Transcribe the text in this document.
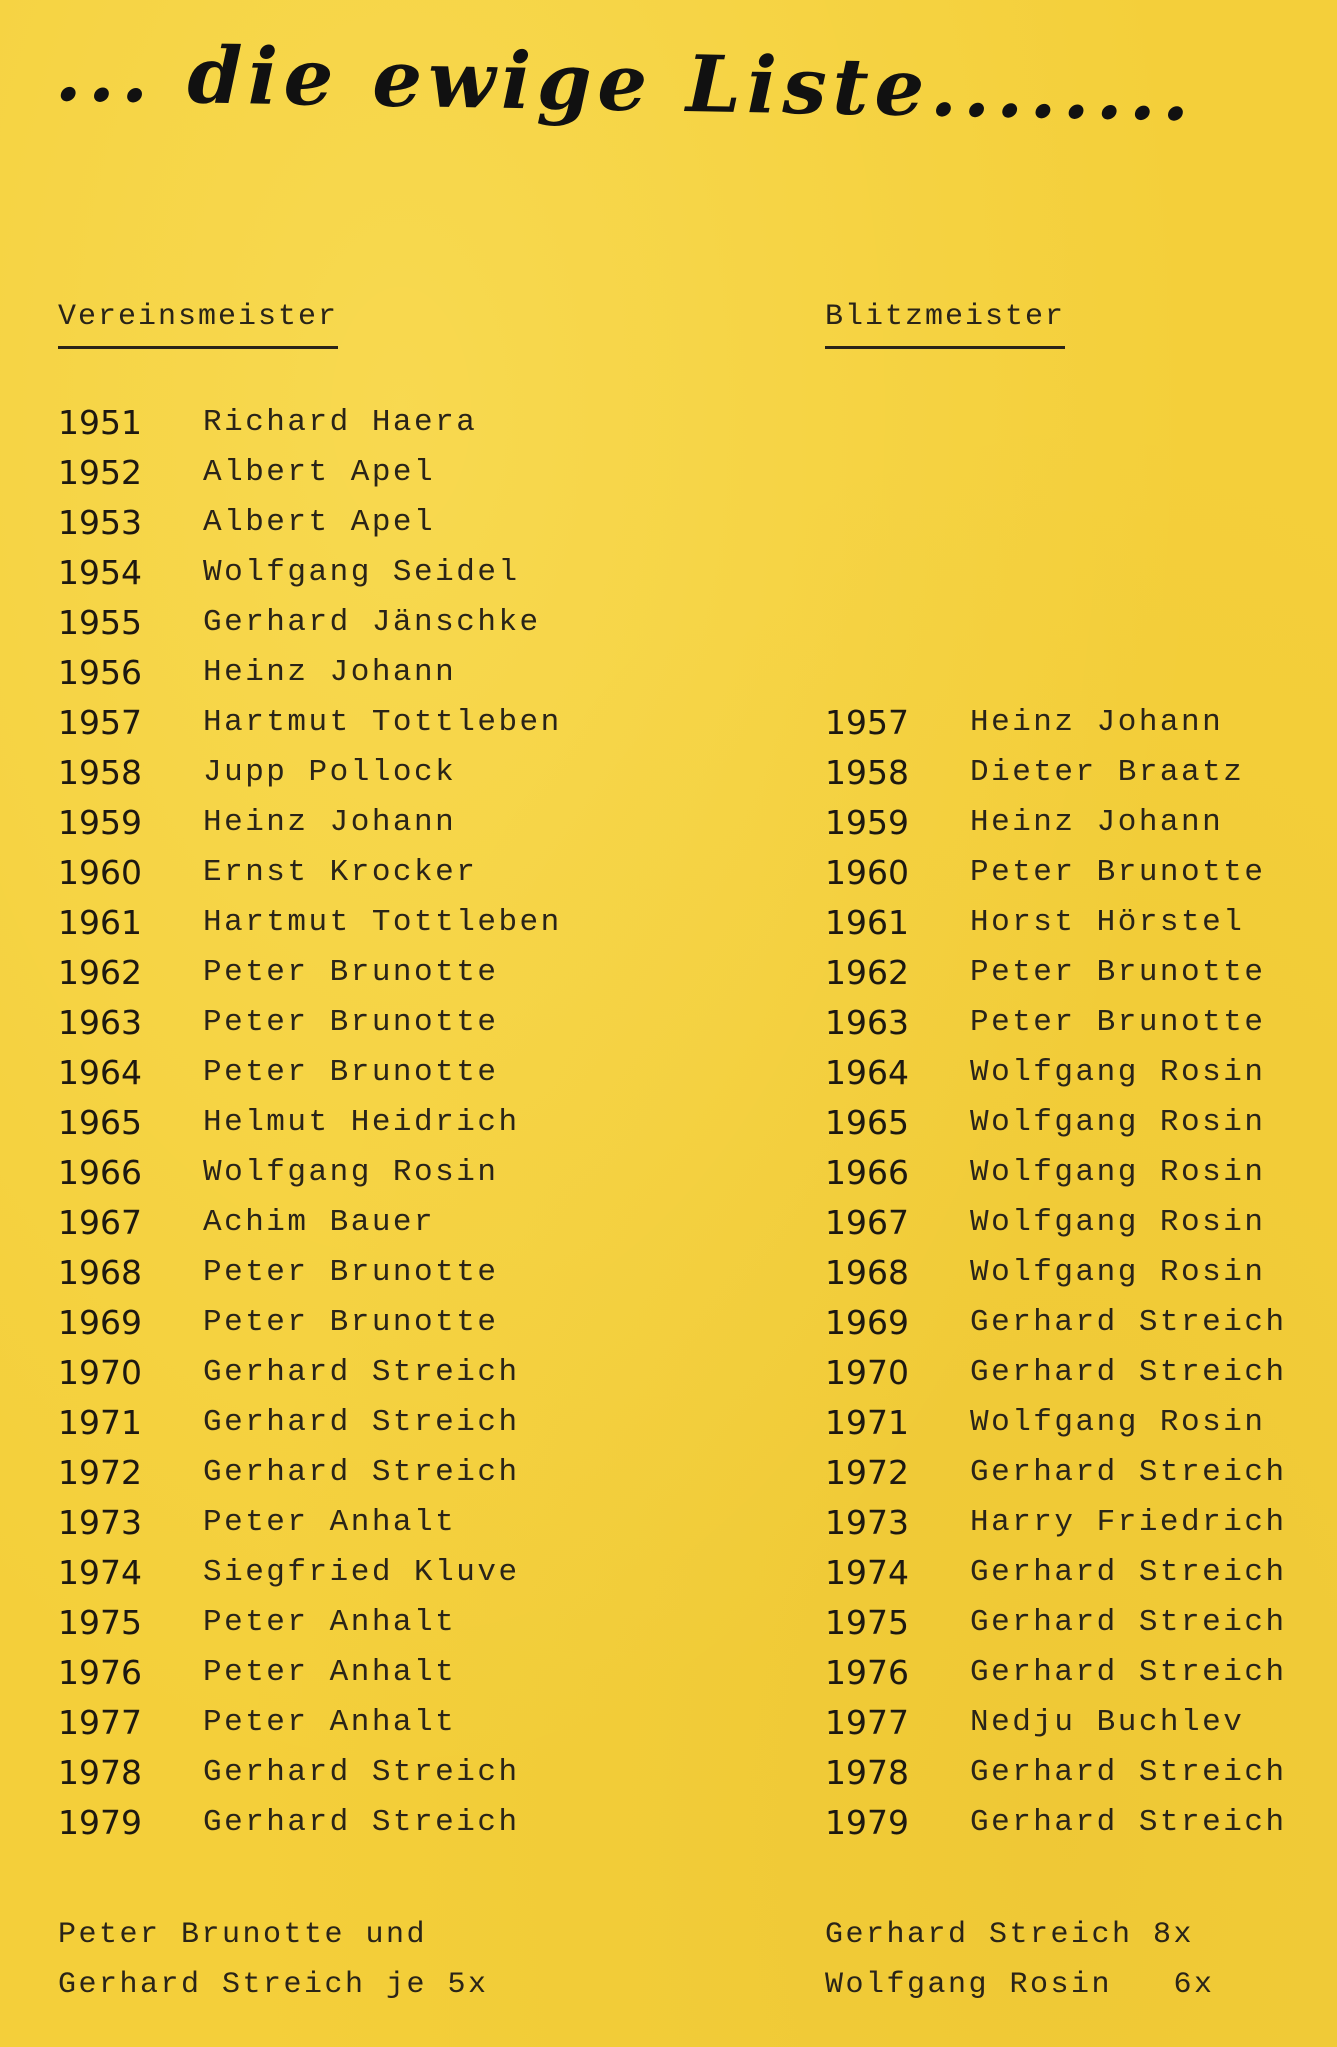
... die ewige Liste........
Vereinsmeister	Blitzmeister
1951	Richard Haera
1952	Albert Apel
1953	Albert Apel
1954	Wolfgang Seidel
1955	Gerhard Jänschke
1956	Heinz Johann
1957	Hartmut Tottleben
1958	Jupp Pollock
1959	Heinz Johann
1960	Ernst Krocker
1961	Hartmut Tottleben
1962	Peter Brunotte
1963	Peter Brunotte
1964	Peter Brunotte
1965	Helmut Heidrich
1966	Wolfgang Rosin
1967	Achim Bauer
1968	Peter Brunotte
1969	Peter Brunotte
1970	Gerhard Streich
1971	Gerhard Streich
1972	Gerhard Streich
1973	Peter Anhalt
1974	Siegfried Kluve
1975	Peter Anhalt
1976	Peter Anhalt
1977	Peter Anhalt
1978	Gerhard Streich
1979	Gerhard Streich
1957	Heinz Johann
1958	Dieter Braatz
1959	Heinz Johann
1960	Peter Brunotte
1961	Horst Hörstel
1962	Peter Brunotte
1963	Peter Brunotte
1964	Wolfgang Rosin
1965	Wolfgang Rosin
1966	Wolfgang Rosin
1967	Wolfgang Rosin
1968	Wolfgang Rosin
1969	Gerhard Streich
1970	Gerhard Streich
1971	Wolfgang Rosin
1972	Gerhard Streich
1973	Harry Friedrich
1974	Gerhard Streich
1975	Gerhard Streich
1976	Gerhard Streich
1977	Nedju Buchlev
1978	Gerhard Streich
1979	Gerhard Streich
Peter Brunotte und
Gerhard Streich je 5x
Gerhard Streich 8x
Wolfgang Rosin   6x
